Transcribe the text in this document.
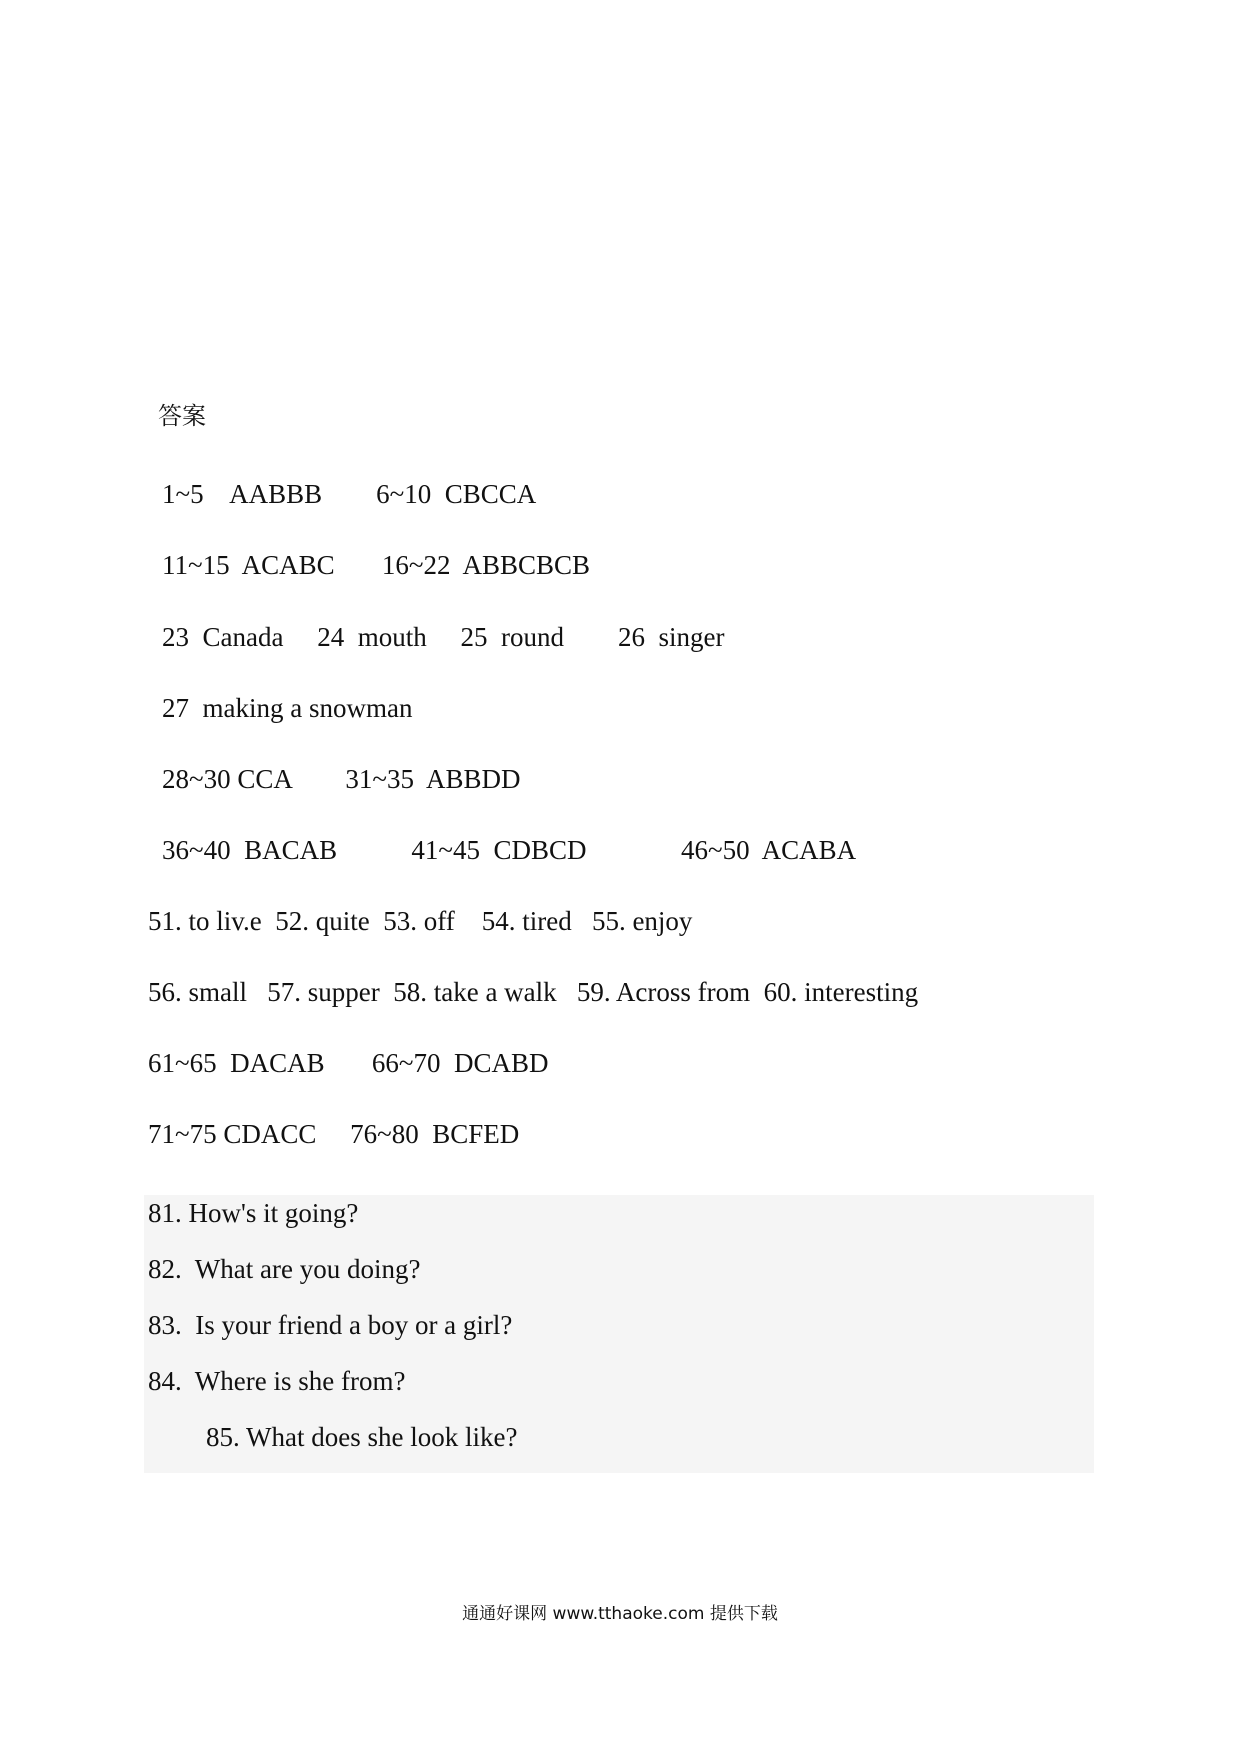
答案
1~5    AABBB        6~10  CBCCA
11~15  ACABC       16~22  ABBCBCB
23  Canada     24  mouth     25  round        26  singer
27  making a snowman
28~30 CCA        31~35  ABBDD
36~40  BACAB           41~45  CDBCD              46~50  ACABA
51. to liv.e  52. quite  53. off    54. tired   55. enjoy
56. small   57. supper  58. take a walk   59. Across from  60. interesting
61~65  DACAB       66~70  DCABD
71~75 CDACC     76~80  BCFED
81. How's it going?
82.  What are you doing?
83.  Is your friend a boy or a girl?
84.  Where is she from?
85. What does she look like?
通通好课网 www.tthaoke.com 提供下载
